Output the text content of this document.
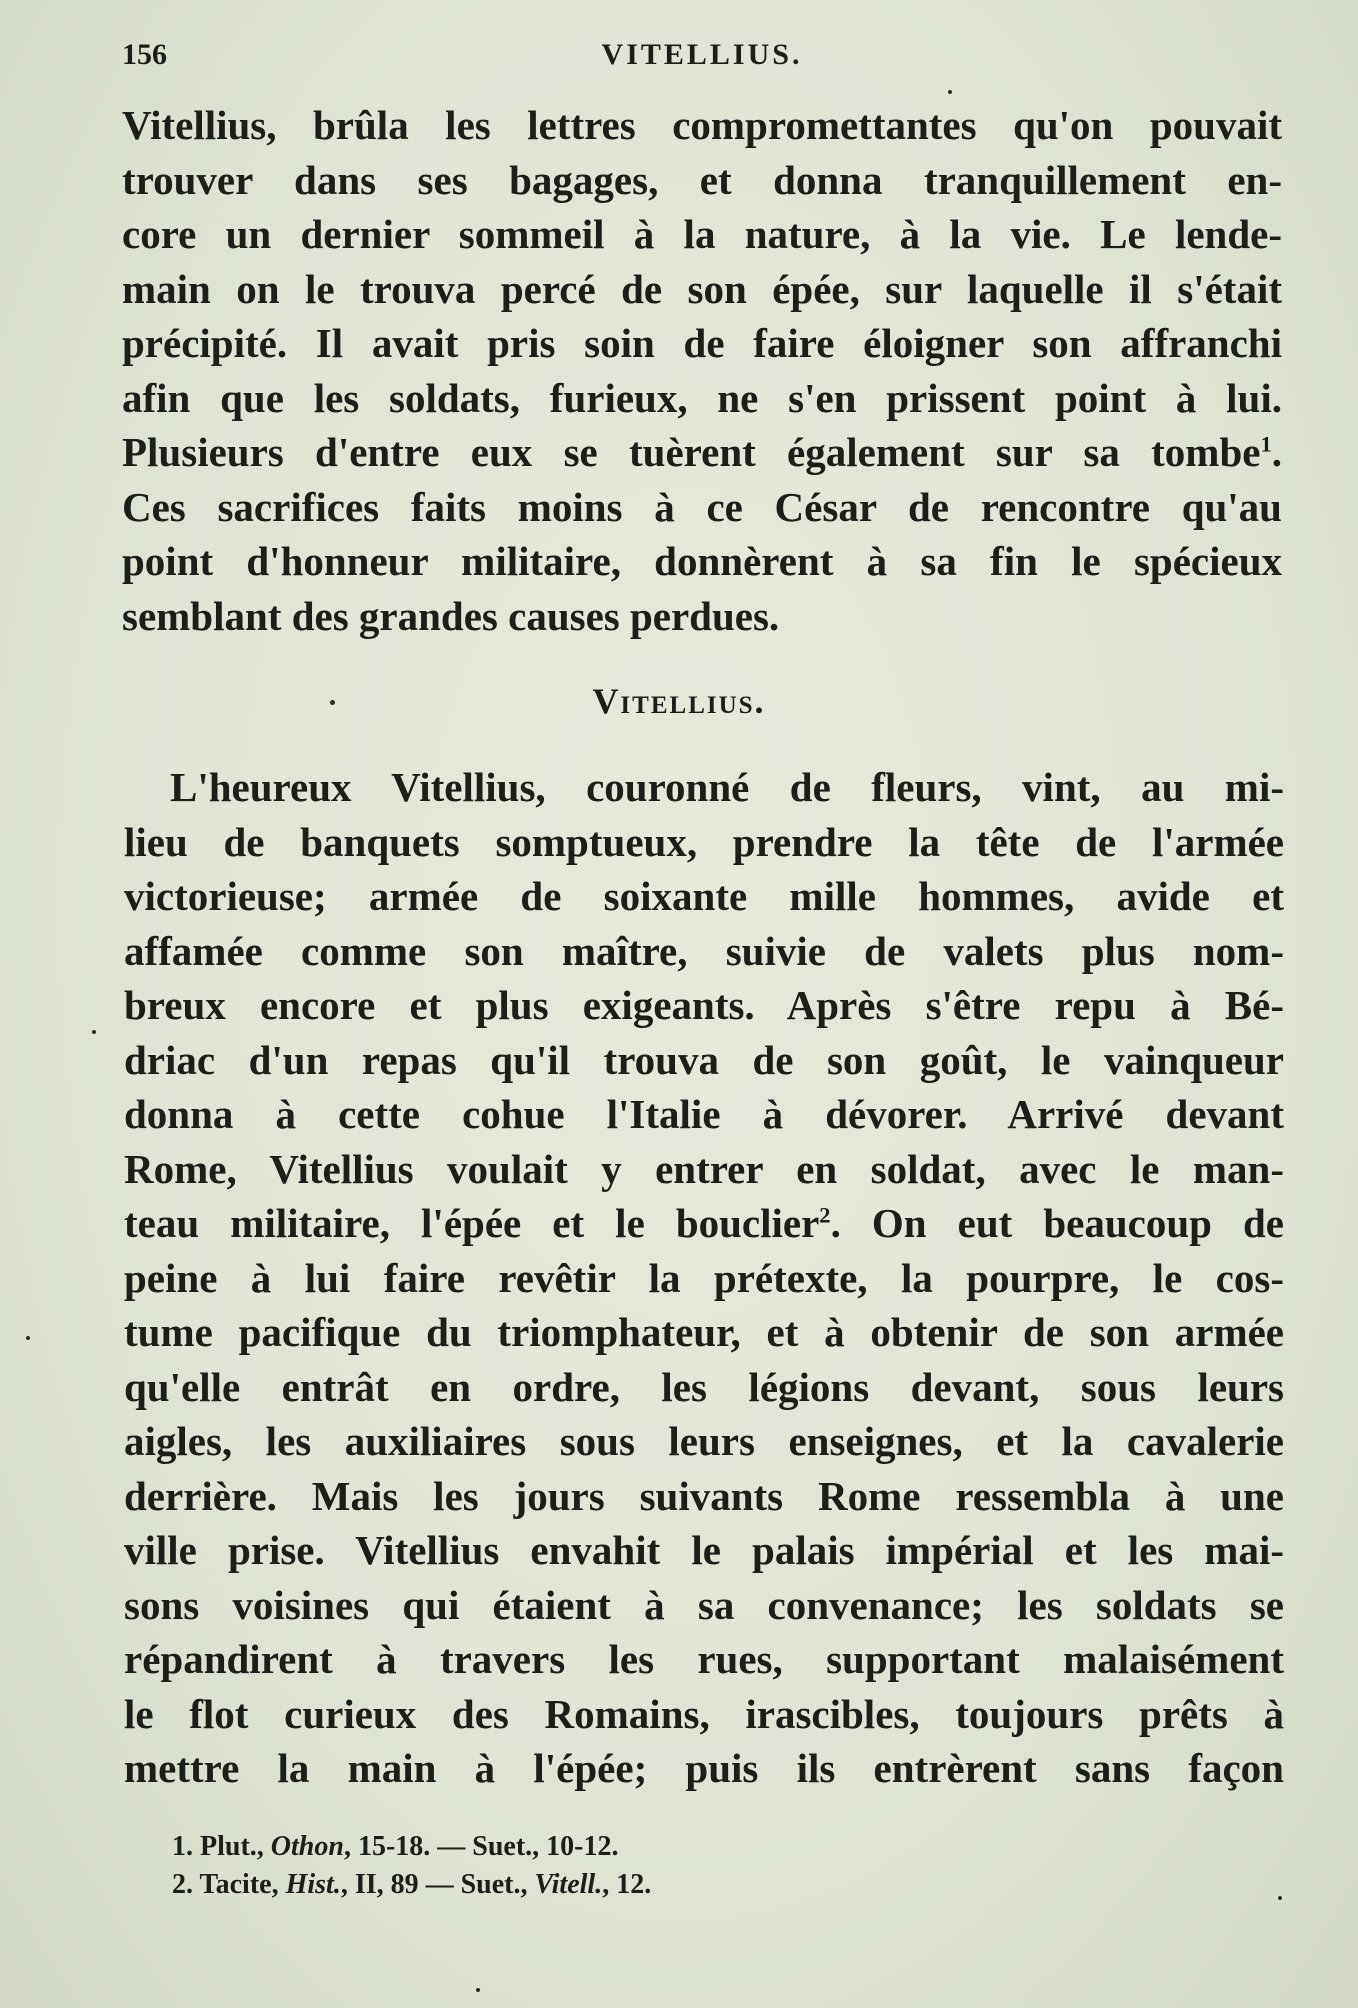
156	VITELLIUS.
Vitellius, brûla les lettres compromettantes qu'on pouvait
trouver dans ses bagages, et donna tranquillement en-
core un dernier sommeil à la nature, à la vie. Le lende-
main on le trouva percé de son épée, sur laquelle il s'était
précipité. Il avait pris soin de faire éloigner son affranchi
afin que les soldats, furieux, ne s'en prissent point à lui.
Plusieurs d'entre eux se tuèrent également sur sa tombe$^1$.
Ces sacrifices faits moins à ce César de rencontre qu'au
point d'honneur militaire, donnèrent à sa fin le spécieux
semblant des grandes causes perdues.
Vitellius.
L'heureux Vitellius, couronné de fleurs, vint, au mi-
lieu de banquets somptueux, prendre la tête de l'armée
victorieuse; armée de soixante mille hommes, avide et
affamée comme son maître, suivie de valets plus nom-
breux encore et plus exigeants. Après s'être repu à Bé-
driac d'un repas qu'il trouva de son goût, le vainqueur
donna à cette cohue l'Italie à dévorer. Arrivé devant
Rome, Vitellius voulait y entrer en soldat, avec le man-
teau militaire, l'épée et le bouclier$^2$. On eut beaucoup de
peine à lui faire revêtir la prétexte, la pourpre, le cos-
tume pacifique du triomphateur, et à obtenir de son armée
qu'elle entrât en ordre, les légions devant, sous leurs
aigles, les auxiliaires sous leurs enseignes, et la cavalerie
derrière. Mais les jours suivants Rome ressembla à une
ville prise. Vitellius envahit le palais impérial et les mai-
sons voisines qui étaient à sa convenance; les soldats se
répandirent à travers les rues, supportant malaisément
le flot curieux des Romains, irascibles, toujours prêts à
mettre la main à l'épée; puis ils entrèrent sans façon
1. Plut., Othon, 15-18. — Suet., 10-12.
2. Tacite, Hist., II, 89 — Suet., Vitell., 12.
